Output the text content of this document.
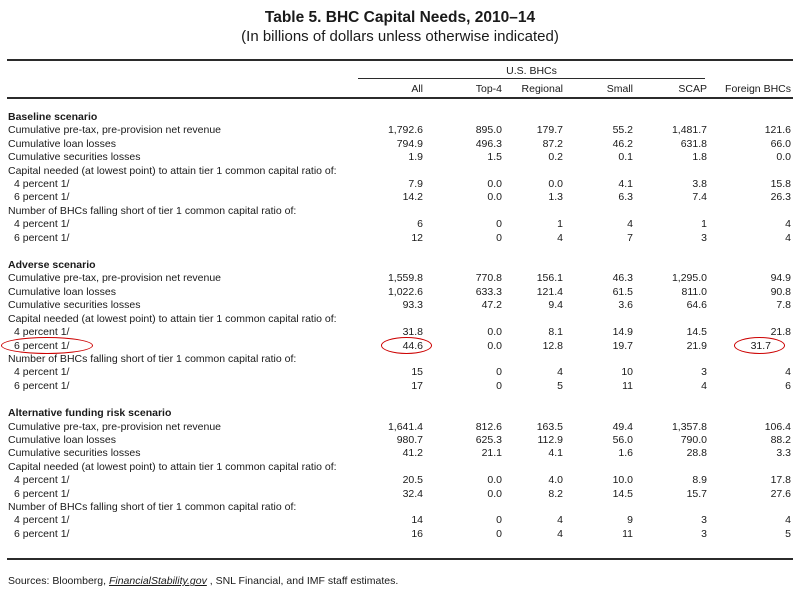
Table 5. BHC Capital Needs, 2010–14
(In billions of dollars unless otherwise indicated)
U.S. BHCs
All	Top-4	Regional	Small	SCAP	Foreign BHCs
Baseline scenario
Cumulative pre-tax, pre-provision net revenue	1,792.6	895.0	179.7	55.2	1,481.7	121.6
Cumulative loan losses	794.9	496.3	87.2	46.2	631.8	66.0
Cumulative securities losses	1.9	1.5	0.2	0.1	1.8	0.0
Capital needed (at lowest point) to attain tier 1 common capital ratio of:
4 percent 1/	7.9	0.0	0.0	4.1	3.8	15.8
6 percent 1/	14.2	0.0	1.3	6.3	7.4	26.3
Number of BHCs falling short of tier 1 common capital ratio of:
4 percent 1/	6	0	1	4	1	4
6 percent 1/	12	0	4	7	3	4
Adverse scenario
Cumulative pre-tax, pre-provision net revenue	1,559.8	770.8	156.1	46.3	1,295.0	94.9
Cumulative loan losses	1,022.6	633.3	121.4	61.5	811.0	90.8
Cumulative securities losses	93.3	47.2	9.4	3.6	64.6	7.8
Capital needed (at lowest point) to attain tier 1 common capital ratio of:
4 percent 1/	31.8	0.0	8.1	14.9	14.5	21.8
6 percent 1/	44.6	0.0	12.8	19.7	21.9	31.7
Number of BHCs falling short of tier 1 common capital ratio of:
4 percent 1/	15	0	4	10	3	4
6 percent 1/	17	0	5	11	4	6
Alternative funding risk scenario
Cumulative pre-tax, pre-provision net revenue	1,641.4	812.6	163.5	49.4	1,357.8	106.4
Cumulative loan losses	980.7	625.3	112.9	56.0	790.0	88.2
Cumulative securities losses	41.2	21.1	4.1	1.6	28.8	3.3
Capital needed (at lowest point) to attain tier 1 common capital ratio of:
4 percent 1/	20.5	0.0	4.0	10.0	8.9	17.8
6 percent 1/	32.4	0.0	8.2	14.5	15.7	27.6
Number of BHCs falling short of tier 1 common capital ratio of:
4 percent 1/	14	0	4	9	3	4
6 percent 1/	16	0	4	11	3	5
Sources: Bloomberg, FinancialStability.gov , SNL Financial, and IMF staff estimates.
